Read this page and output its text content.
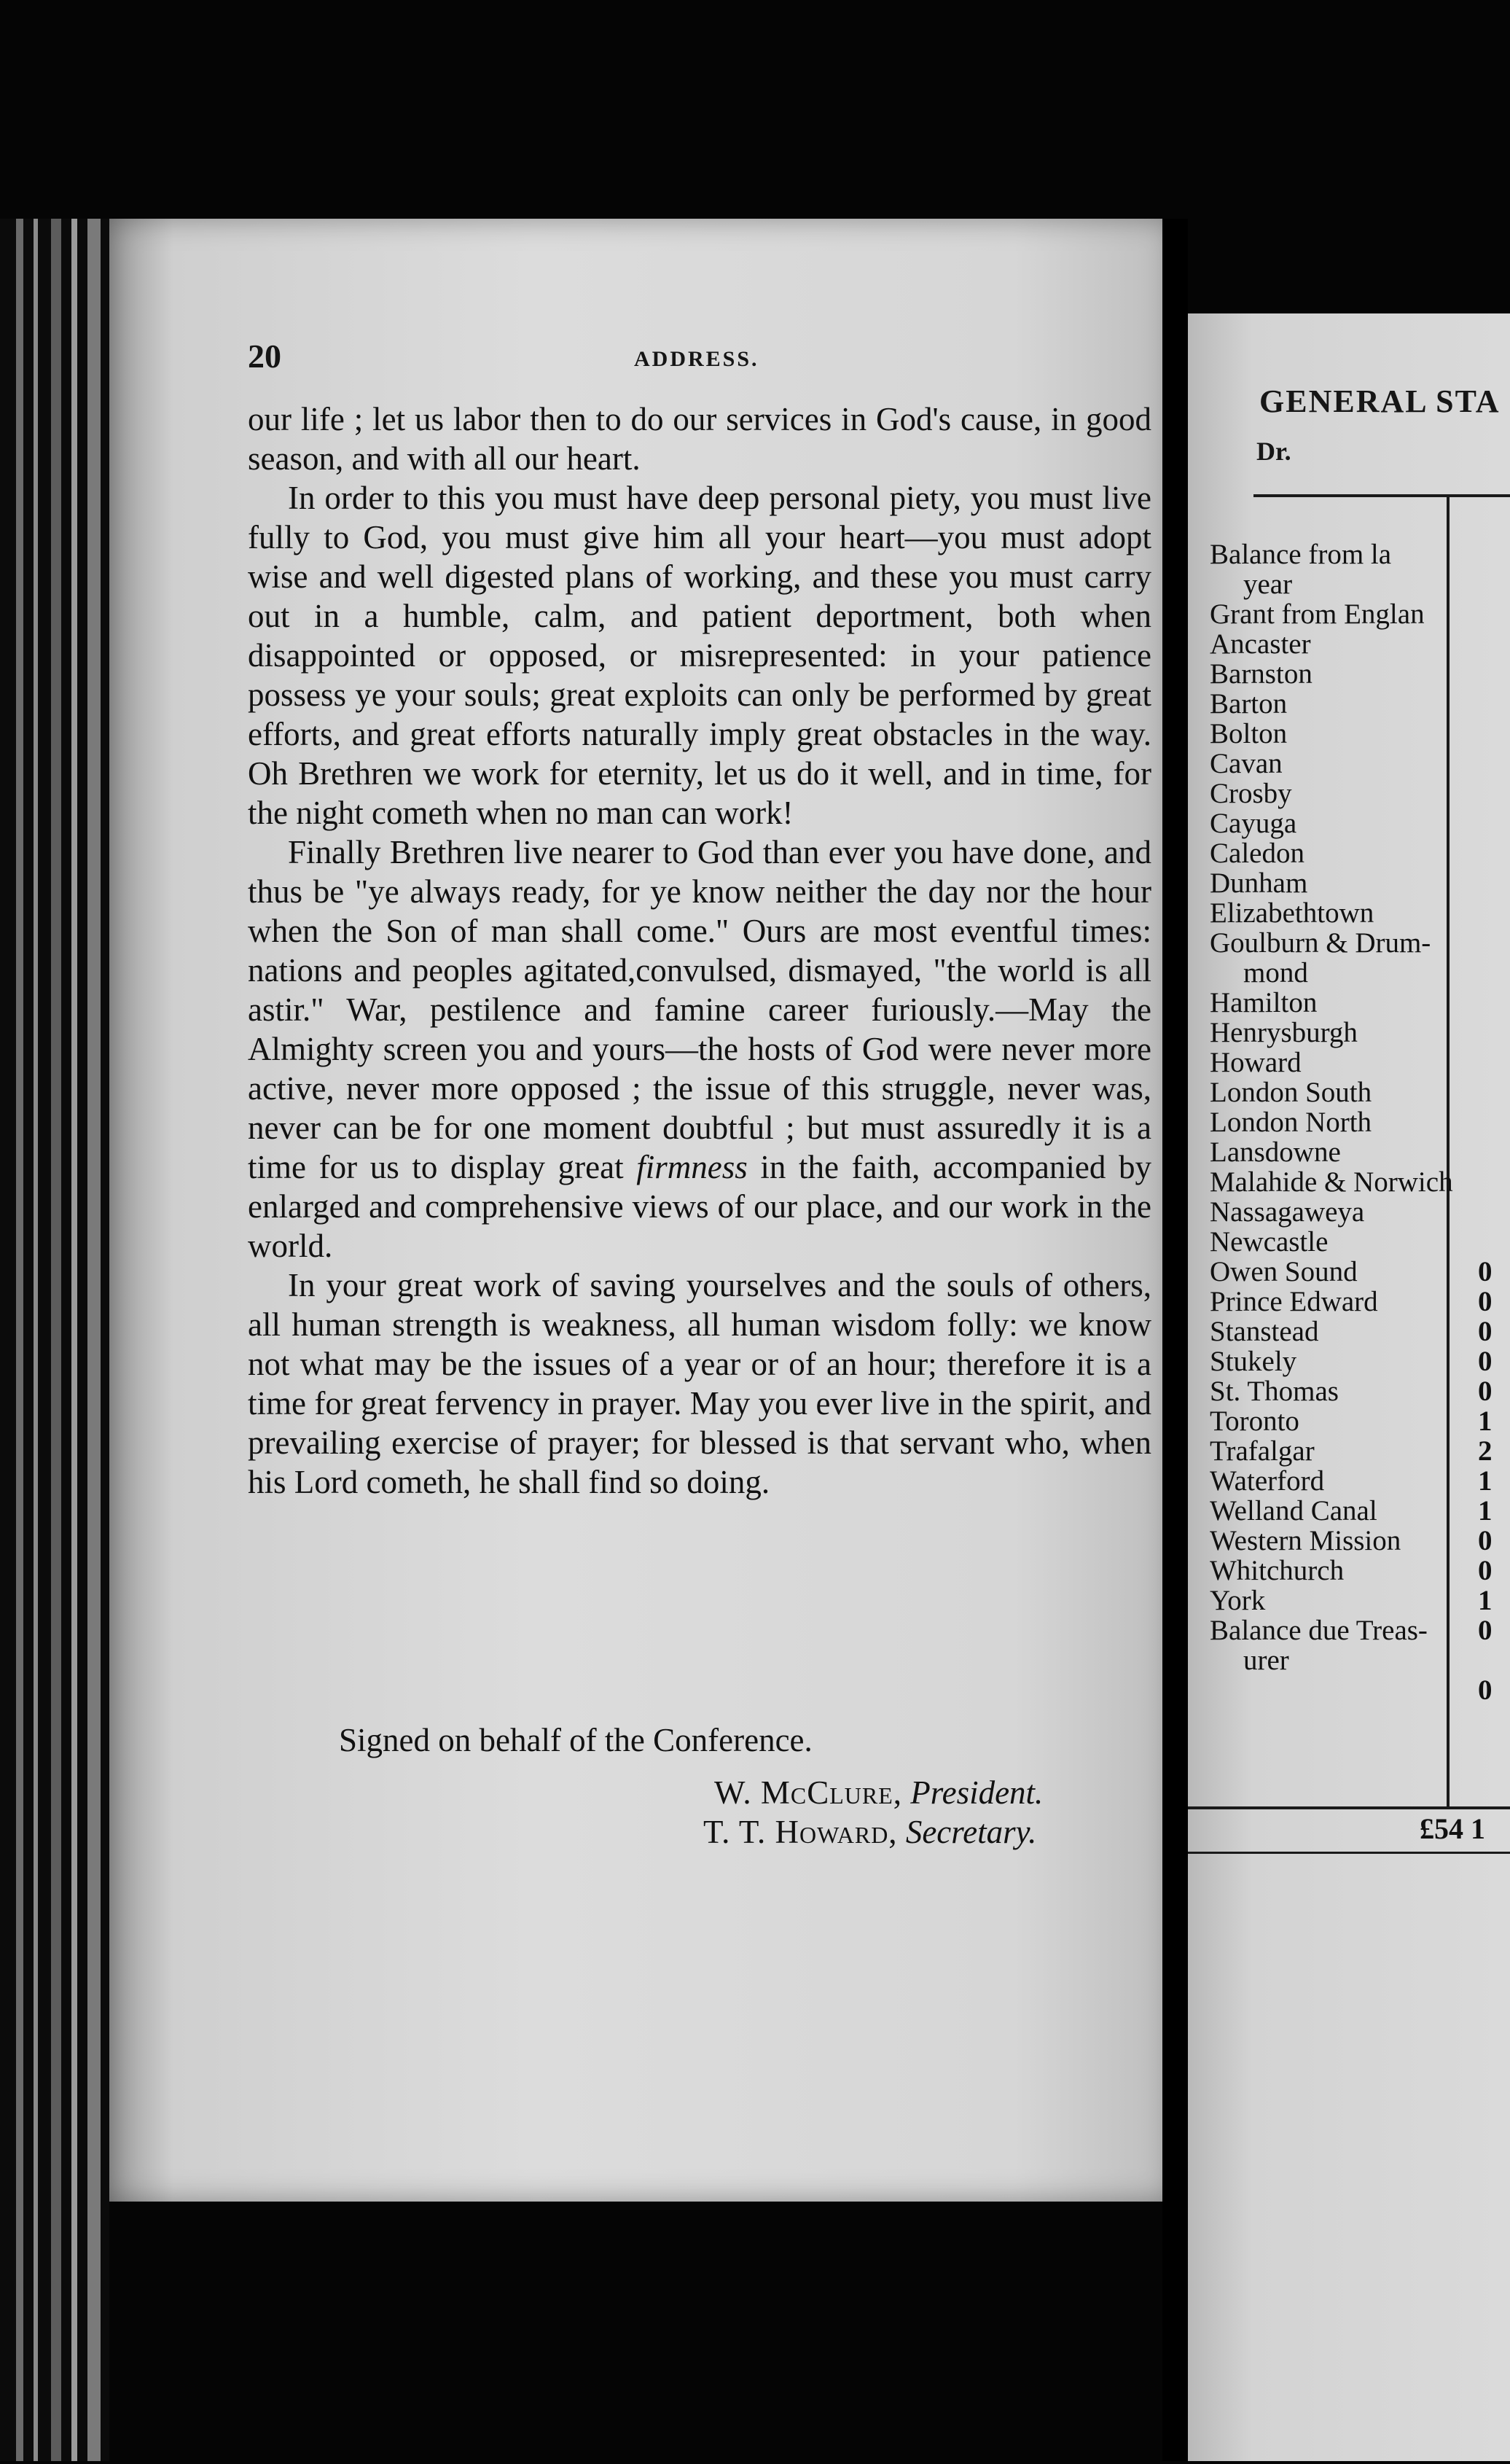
20	ADDRESS.

our life ; let us labor then to do our services in God's cause, in good season, and with all our heart.

In order to this you must have deep personal piety, you must live fully to God, you must give him all your heart—you must adopt wise and well digested plans of working, and these you must carry out in a humble, calm, and patient deportment, both when disappointed or opposed, or misrepresented: in your patience possess ye your souls; great exploits can only be performed by great efforts, and great efforts naturally imply great obstacles in the way. Oh Brethren we work for eternity, let us do it well, and in time, for the night cometh when no man can work!

Finally Brethren live nearer to God than ever you have done, and thus be "ye always ready, for ye know neither the day nor the hour when the Son of man shall come." Ours are most eventful times: nations and peoples agitated,convulsed, dismayed, "the world is all astir." War, pestilence and famine career furiously.—May the Almighty screen you and yours—the hosts of God were never more active, never more opposed ; the issue of this struggle, never was, never can be for one moment doubtful ; but must assuredly it is a time for us to display great firmness in the faith, accompanied by enlarged and comprehensive views of our place, and our work in the world.

In your great work of saving yourselves and the souls of others, all human strength is weakness, all human wisdom folly: we know not what may be the issues of a year or of an hour; therefore it is a time for great fervency in prayer. May you ever live in the spirit, and prevailing exercise of prayer; for blessed is that servant who, when his Lord cometh, he shall find so doing.

Signed on behalf of the Conference.
W. McClure, President.
T. T. Howard, Secretary.
GENERAL STA
Dr.
Balance from la
year
Grant from Englan
Ancaster
Barnston
Barton
Bolton
Cavan
Crosby
Cayuga
Caledon
Dunham
Elizabethtown
Goulburn & Drum-
mond
Hamilton
Henrysburgh
Howard
London South
London North
Lansdowne
Malahide & Norwich
Nassagaweya
Newcastle
Owen Sound
Prince Edward
Stanstead
Stukely
St. Thomas
Toronto
Trafalgar
Waterford
Welland Canal
Western Mission
Whitchurch
York
Balance due Treas-
urer
0
0
0
0
0
1
2
1
1
0
0
1
0
0
£54 1
